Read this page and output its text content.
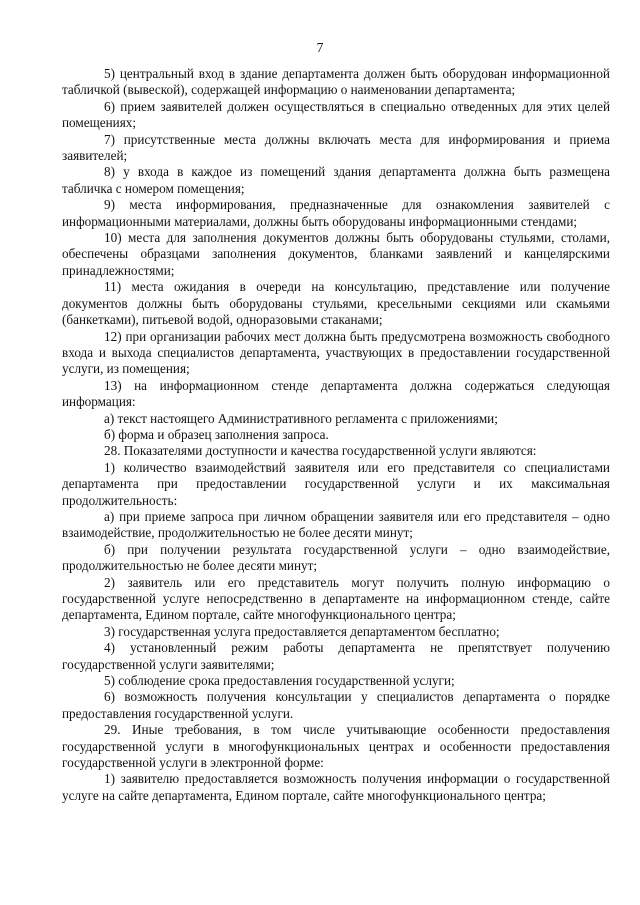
7

5) центральный вход в здание департамента должен быть оборудован информационной табличкой (вывеской), содержащей информацию о наименовании департамента;

6) прием заявителей должен осуществляться в специально отведенных для этих целей помещениях;

7) присутственные места должны включать места для информирования и приема заявителей;

8) у входа в каждое из помещений здания департамента должна быть размещена табличка с номером помещения;

9) места информирования, предназначенные для ознакомления заявителей с информационными материалами, должны быть оборудованы информационными стендами;

10) места для заполнения документов должны быть оборудованы стульями, столами, обеспечены образцами заполнения документов, бланками заявлений и канцелярскими принадлежностями;

11) места ожидания в очереди на консультацию, представление или получение документов должны быть оборудованы стульями, кресельными секциями или скамьями (банкетками), питьевой водой, одноразовыми стаканами;

12) при организации рабочих мест должна быть предусмотрена возможность свободного входа и выхода специалистов департамента, участвующих в предоставлении государственной услуги, из помещения;

13) на информационном стенде департамента должна содержаться следующая информация:

а) текст настоящего Административного регламента с приложениями;

б) форма и образец заполнения запроса.

28. Показателями доступности и качества государственной услуги являются:

1) количество взаимодействий заявителя или его представителя со специалистами департамента при предоставлении государственной услуги и их максимальная продолжительность:

а) при приеме запроса при личном обращении заявителя или его представителя – одно взаимодействие, продолжительностью не более десяти минут;

б) при получении результата государственной услуги – одно взаимодействие, продолжительностью не более десяти минут;

2) заявитель или его представитель могут получить полную информацию о государственной услуге непосредственно в департаменте на информационном стенде, сайте департамента, Едином портале, сайте многофункционального центра;

3) государственная услуга предоставляется департаментом бесплатно;

4) установленный режим работы департамента не препятствует получению государственной услуги заявителями;

5) соблюдение срока предоставления государственной услуги;

6) возможность получения консультации у специалистов департамента о порядке предоставления государственной услуги.

29. Иные требования, в том числе учитывающие особенности предоставления государственной услуги в многофункциональных центрах и особенности предоставления государственной услуги в электронной форме:

1) заявителю предоставляется возможность получения информации о государственной услуге на сайте департамента, Едином портале, сайте многофункционального центра;
